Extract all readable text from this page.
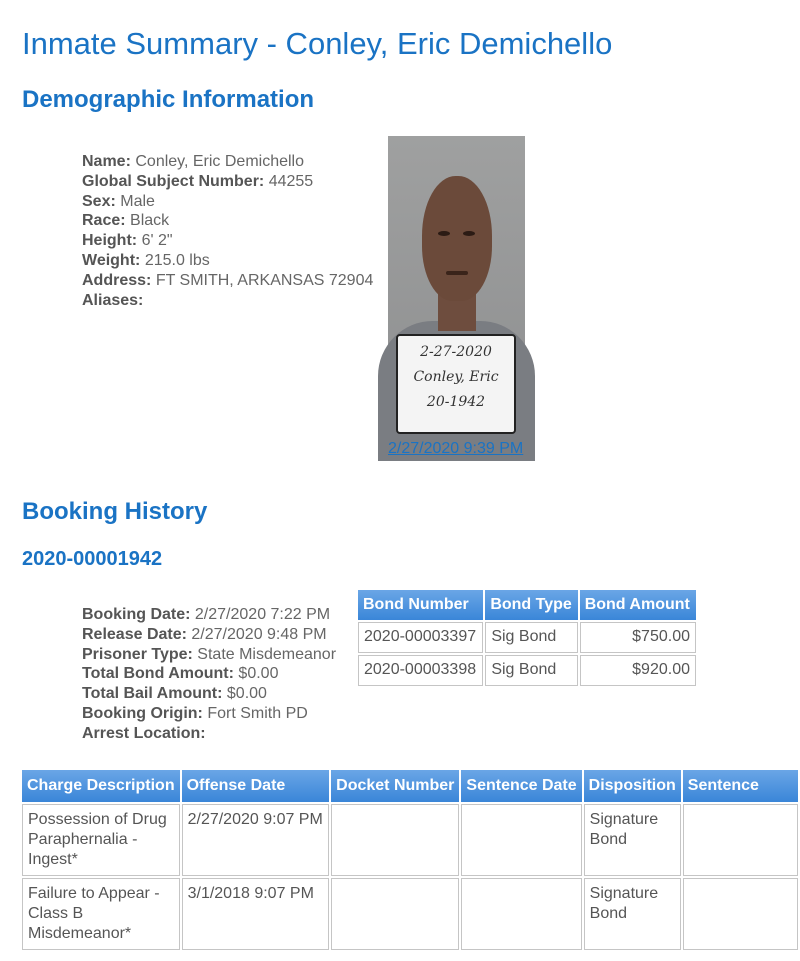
Inmate Summary - Conley, Eric Demichello
Demographic Information
Name: Conley, Eric Demichello
Global Subject Number: 44255
Sex: Male
Race: Black
Height: 6' 2"
Weight: 215.0 lbs
Address: FT SMITH, ARKANSAS 72904
Aliases:
2-27-2020
Conley, Eric
20-1942
2/27/2020 9:39 PM
Booking History
2020-00001942
Booking Date: 2/27/2020 7:22 PM
Release Date: 2/27/2020 9:48 PM
Prisoner Type: State Misdemeanor
Total Bond Amount: $0.00
Total Bail Amount: $0.00
Booking Origin: Fort Smith PD
Arrest Location:
Bond Number	Bond Type	Bond Amount
2020-00003397	Sig Bond	$750.00
2020-00003398	Sig Bond	$920.00
Charge Description	Offense Date	Docket Number	Sentence Date	Disposition	Sentence
Possession of Drug Paraphernalia - Ingest*	2/27/2020 9:07 PM			Signature Bond	
Failure to Appear - Class B Misdemeanor*	3/1/2018 9:07 PM			Signature Bond	
